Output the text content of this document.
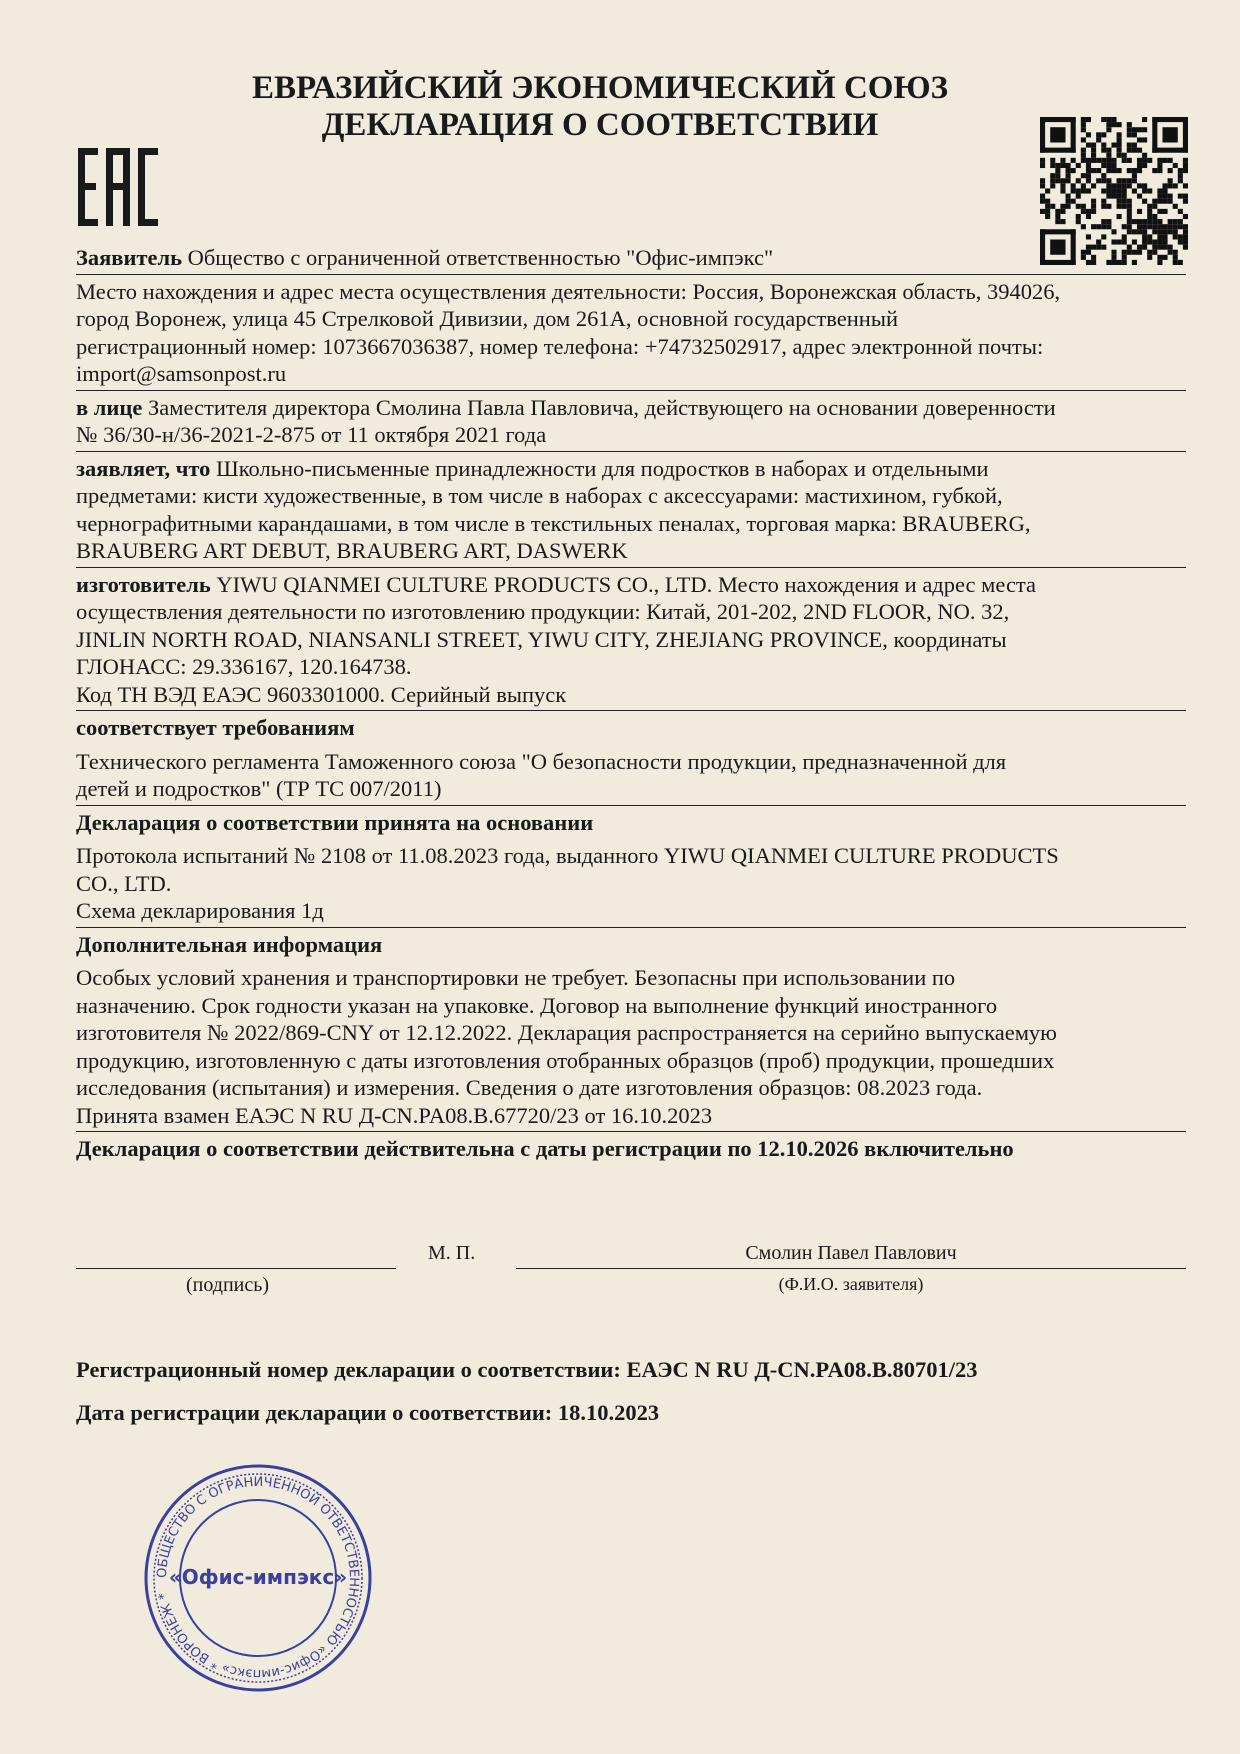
ЕВРАЗИЙСКИЙ ЭКОНОМИЧЕСКИЙ СОЮЗ
ДЕКЛАРАЦИЯ О СООТВЕТСТВИИ
Заявитель Общество с ограниченной ответственностью "Офис-импэкс"
Место нахождения и адрес места осуществления деятельности: Россия, Воронежская область, 394026,
город Воронеж, улица 45 Стрелковой Дивизии, дом 261А, основной государственный
регистрационный номер: 1073667036387, номер телефона: +74732502917, адрес электронной почты:
import@samsonpost.ru
в лице Заместителя директора Смолина Павла Павловича, действующего на основании доверенности
№ 36/30-н/36-2021-2-875 от 11 октября 2021 года
заявляет, что Школьно-письменные принадлежности для подростков в наборах и отдельными
предметами: кисти художественные, в том числе в наборах с аксессуарами: мастихином, губкой,
чернографитными карандашами, в том числе в текстильных пеналах, торговая марка: BRAUBERG,
BRAUBERG ART DEBUT, BRAUBERG ART, DASWERK
изготовитель YIWU QIANMEI CULTURE PRODUCTS CO., LTD. Место нахождения и адрес места
осуществления деятельности по изготовлению продукции: Китай, 201-202, 2ND FLOOR, NO. 32,
JINLIN NORTH ROAD, NIANSANLI STREET, YIWU CITY, ZHEJIANG PROVINCE, координаты
ГЛОНАСС: 29.336167, 120.164738.
Код ТН ВЭД ЕАЭС 9603301000. Серийный выпуск
соответствует требованиям
Технического регламента Таможенного союза "О безопасности продукции, предназначенной для
детей и подростков" (ТР ТС 007/2011)
Декларация о соответствии принята на основании
Протокола испытаний № 2108 от 11.08.2023 года, выданного YIWU QIANMEI CULTURE PRODUCTS
CO., LTD.
Схема декларирования 1д
Дополнительная информация
Особых условий хранения и транспортировки не требует. Безопасны при использовании по
назначению. Срок годности указан на упаковке. Договор на выполнение функций иностранного
изготовителя № 2022/869-CNY от 12.12.2022. Декларация распространяется на серийно выпускаемую
продукцию, изготовленную с даты изготовления отобранных образцов (проб) продукции, прошедших
исследования (испытания) и измерения. Сведения о дате изготовления образцов: 08.2023 года.
Принята взамен ЕАЭС N RU Д-CN.PA08.B.67720/23 от 16.10.2023
Декларация о соответствии действительна с даты регистрации по 12.10.2026 включительно
(подпись)
М. П.	Смолин Павел Павлович
(Ф.И.О. заявителя)
Регистрационный номер декларации о соответствии: ЕАЭС N RU Д-CN.PA08.B.80701/23
Дата регистрации декларации о соответствии: 18.10.2023
ОБЩЕСТВО С ОГРАНИЧЕННОЙ ОТВЕТСТВЕННОСТЬЮ «Офис-импэкс» * ВОРОНЕЖ *
«Офис-импэкс»
